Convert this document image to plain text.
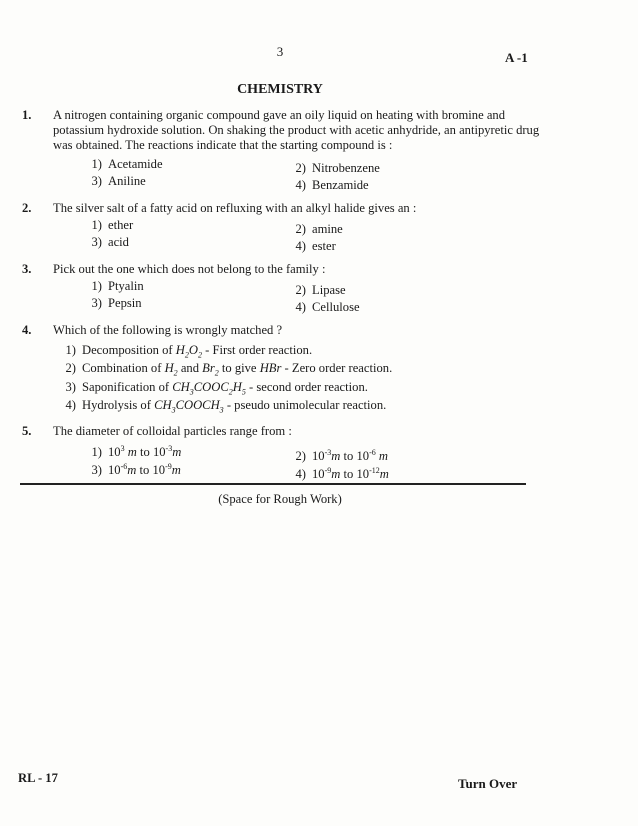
3	A -1
CHEMISTRY
1. A nitrogen containing organic compound gave an oily liquid on heating with bromine and potassium hydroxide solution. On shaking the product with acetic anhydride, an antipyretic drug was obtained. The reactions indicate that the starting compound is :
1) Acetamide	2) Nitrobenzene
3) Aniline	4) Benzamide
2. The silver salt of a fatty acid on refluxing with an alkyl halide gives an :
1) ether	2) amine
3) acid	4) ester
3. Pick out the one which does not belong to the family :
1) Ptyalin	2) Lipase
3) Pepsin	4) Cellulose
4. Which of the following is wrongly matched ?
1) Decomposition of $H_2O_2$ - First order reaction.
2) Combination of $H_2$ and $Br_2$ to give HBr - Zero order reaction.
3) Saponification of $CH_3COOC_2H_5$ - second order reaction.
4) Hydrolysis of $CH_3COOCH_3$ - pseudo unimolecular reaction.
5. The diameter of colloidal particles range from :
1) $10^3$ m to $10^{-3}m$	2) $10^{-3}m$ to $10^{-6}$ m
3) $10^{-6}m$ to $10^{-9}m$	4) $10^{-9}m$ to $10^{-12}m$
(Space for Rough Work)
RL - 17	Turn Over
